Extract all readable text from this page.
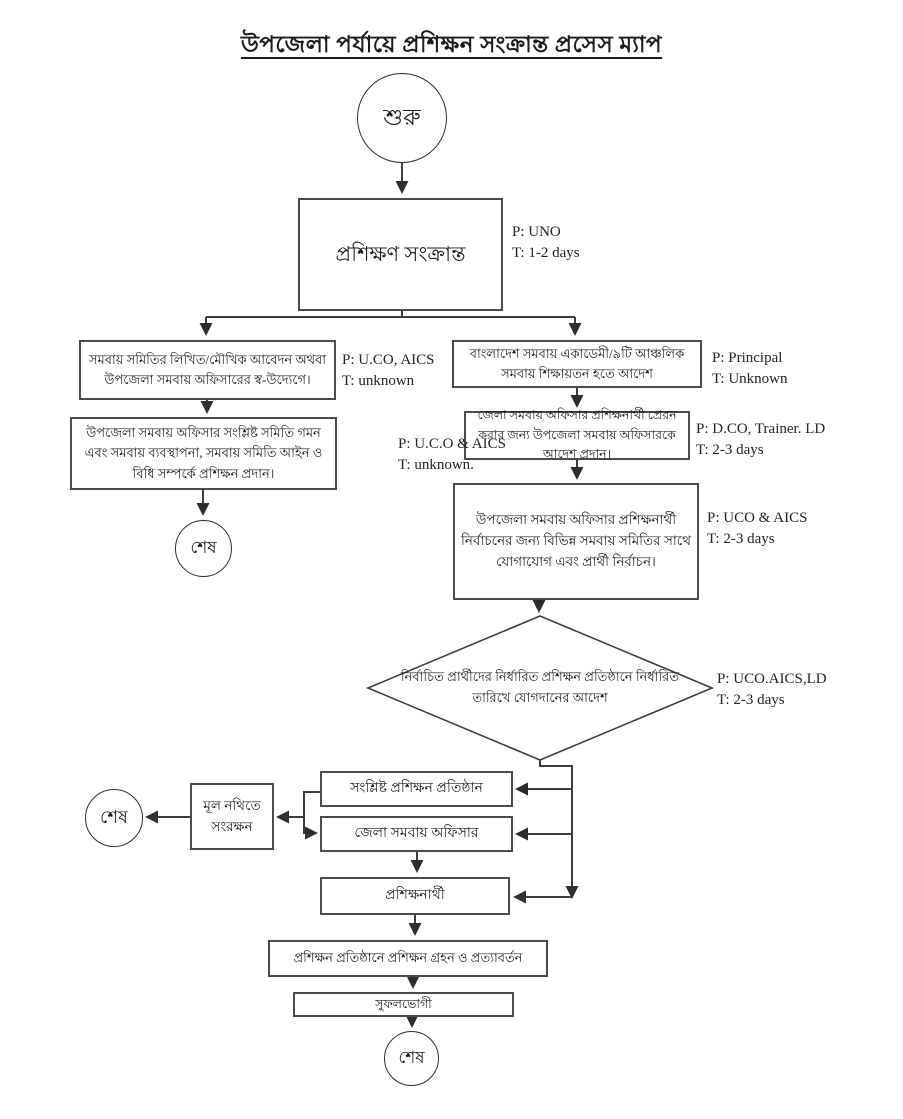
উপজেলা পর্যায়ে প্রশিক্ষন সংক্রান্ত প্রসেস ম্যাপ
শুরু
শেষ
শেষ
শেষ
প্রশিক্ষণ সংক্রান্ত
সমবায় সমিতির লিখিত/মৌখিক আবেদন অথবা উপজেলা সমবায় অফিসারের স্ব-উদ্যেগে।
উপজেলা সমবায় অফিসার সংশ্লিষ্ট সমিতি গমন এবং সমবায় ব্যবস্থাপনা, সমবায় সমিতি আইন ও বিধি সম্পর্কে প্রশিক্ষন প্রদান।
বাংলাদেশ সমবায় একাডেমী/৯টি আঞ্চলিক সমবায় শিক্ষায়তন হতে আদেশ
জেলা সমবায় অফিসার প্রশিক্ষনার্থী প্রেরন করার জন্য উপজেলা সমবায় অফিসারকে আদেশ প্রদান।
উপজেলা সমবায় অফিসার প্রশিক্ষনার্থী নির্বাচনের জন্য বিভিন্ন সমবায় সমিতির সাথে যোগাযোগ এবং প্রার্থী নির্বাচন।
নির্বাচিত প্রার্থীদের নির্ধারিত প্রশিক্ষন প্রতিষ্ঠানে নির্ধারিত তারিখে যোগদানের আদেশ
সংশ্লিষ্ট প্রশিক্ষন প্রতিষ্ঠান
জেলা সমবায় অফিসার
মূল নথিতে সংরক্ষন
প্রশিক্ষনার্থী
প্রশিক্ষন প্রতিষ্ঠানে প্রশিক্ষন গ্রহন ও প্রত্যাবর্তন
সুফলভোগী
P: UNO
T: 1-2 days
P: U.CO, AICS
T: unknown
P: U.C.O & AICS
T: unknown.
P: Principal
T: Unknown
P: D.CO, Trainer. LD
T: 2-3 days
P: UCO & AICS
T: 2-3 days
P: UCO.AICS,LD
T: 2-3 days
